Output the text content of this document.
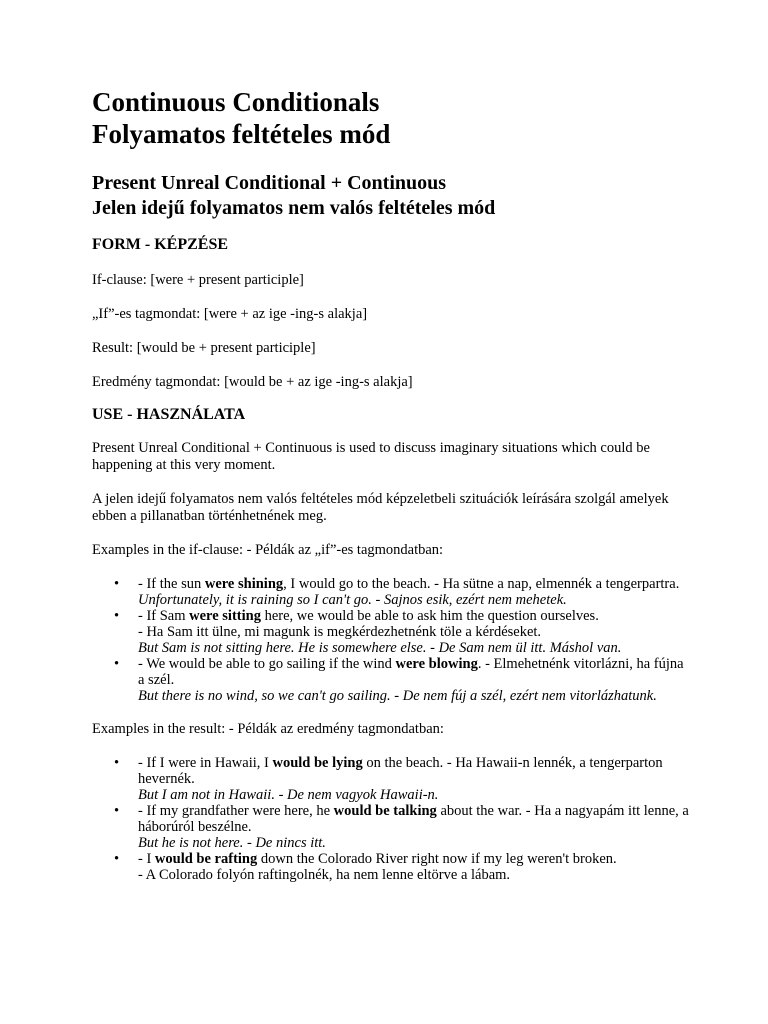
Continuous Conditionals
Folyamatos feltételes mód
Present Unreal Conditional + Continuous
Jelen idejű folyamatos nem valós feltételes mód
FORM - KÉPZÉSE

If-clause: [were + present participle]

„If”-es tagmondat: [were + az ige -ing-s alakja]

Result: [would be + present participle]

Eredmény tagmondat: [would be + az ige -ing-s alakja]

USE - HASZNÁLATA

Present Unreal Conditional + Continuous is used to discuss imaginary situations which could be happening at this very moment.

A jelen idejű folyamatos nem valós feltételes mód képzeletbeli szituációk leírására szolgál amelyek ebben a pillanatban történhetnének meg.

Examples in the if-clause: - Példák az „if”-es tagmondatban:

• - If the sun were shining, I would go to the beach. - Ha sütne a nap, elmennék a tengerpartra.
Unfortunately, it is raining so I can't go. - Sajnos esik, ezért nem mehetek.
• - If Sam were sitting here, we would be able to ask him the question ourselves.
- Ha Sam itt ülne, mi magunk is megkérdezhetnénk töle a kérdéseket.
But Sam is not sitting here. He is somewhere else. - De Sam nem ül itt. Máshol van.
• - We would be able to go sailing if the wind were blowing. - Elmehetnénk vitorlázni, ha fújna a szél.
But there is no wind, so we can't go sailing. - De nem fúj a szél, ezért nem vitorlázhatunk.

Examples in the result: - Példák az eredmény tagmondatban:

• - If I were in Hawaii, I would be lying on the beach. - Ha Hawaii-n lennék, a tengerparton hevernék.
But I am not in Hawaii. - De nem vagyok Hawaii-n.
• - If my grandfather were here, he would be talking about the war. - Ha a nagyapám itt lenne, a háborúról beszélne.
But he is not here. - De nincs itt.
• - I would be rafting down the Colorado River right now if my leg weren't broken.
- A Colorado folyón raftingolnék, ha nem lenne eltörve a lábam.
